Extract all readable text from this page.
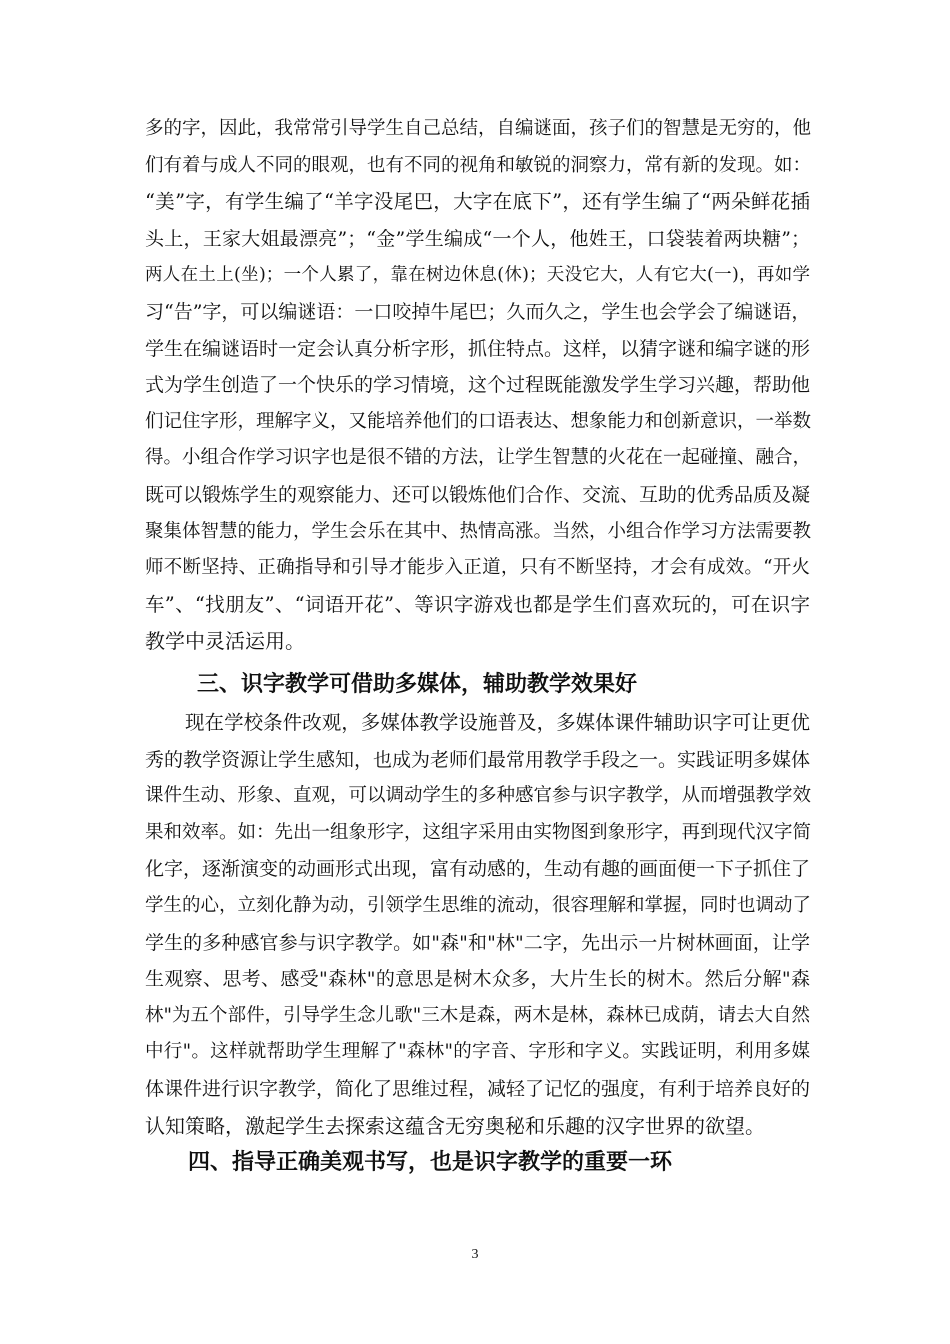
多的字，因此，我常常引导学生自己总结，自编谜面，孩子们的智慧是无穷的，他
们有着与成人不同的眼观，也有不同的视角和敏锐的洞察力，常有新的发现。如：
“美”字，有学生编了“羊字没尾巴，大字在底下”，还有学生编了“两朵鲜花插
头上，王家大姐最漂亮”；“金”学生编成“一个人，他姓王，口袋装着两块糖”；
两人在土上(坐)；一个人累了，靠在树边休息(休)；天没它大，人有它大(一)，再如学
习“告”字，可以编谜语：一口咬掉牛尾巴；久而久之，学生也会学会了编谜语，
学生在编谜语时一定会认真分析字形，抓住特点。这样，以猜字谜和编字谜的形
式为学生创造了一个快乐的学习情境，这个过程既能激发学生学习兴趣，帮助他
们记住字形，理解字义，又能培养他们的口语表达、想象能力和创新意识，一举数
得。小组合作学习识字也是很不错的方法，让学生智慧的火花在一起碰撞、融合，
既可以锻炼学生的观察能力、还可以锻炼他们合作、交流、互助的优秀品质及凝
聚集体智慧的能力，学生会乐在其中、热情高涨。当然，小组合作学习方法需要教
师不断坚持、正确指导和引导才能步入正道，只有不断坚持，才会有成效。“开火
车”、“找朋友”、“词语开花”、等识字游戏也都是学生们喜欢玩的，可在识字
教学中灵活运用。
三、识字教学可借助多媒体，辅助教学效果好
现在学校条件改观，多媒体教学设施普及，多媒体课件辅助识字可让更优
秀的教学资源让学生感知，也成为老师们最常用教学手段之一。实践证明多媒体
课件生动、形象、直观，可以调动学生的多种感官参与识字教学，从而增强教学效
果和效率。如：先出一组象形字，这组字采用由实物图到象形字，再到现代汉字简
化字，逐渐演变的动画形式出现，富有动感的，生动有趣的画面便一下子抓住了
学生的心，立刻化静为动，引领学生思维的流动，很容理解和掌握，同时也调动了
学生的多种感官参与识字教学。如"森"和"林"二字，先出示一片树林画面，让学
生观察、思考、感受"森林"的意思是树木众多，大片生长的树木。然后分解"森
林"为五个部件，引导学生念儿歌"三木是森，两木是林，森林已成荫，请去大自然
中行"。这样就帮助学生理解了"森林"的字音、字形和字义。实践证明，利用多媒
体课件进行识字教学，简化了思维过程，减轻了记忆的强度，有利于培养良好的
认知策略，激起学生去探索这蕴含无穷奥秘和乐趣的汉字世界的欲望。
四、指导正确美观书写，也是识字教学的重要一环
3
